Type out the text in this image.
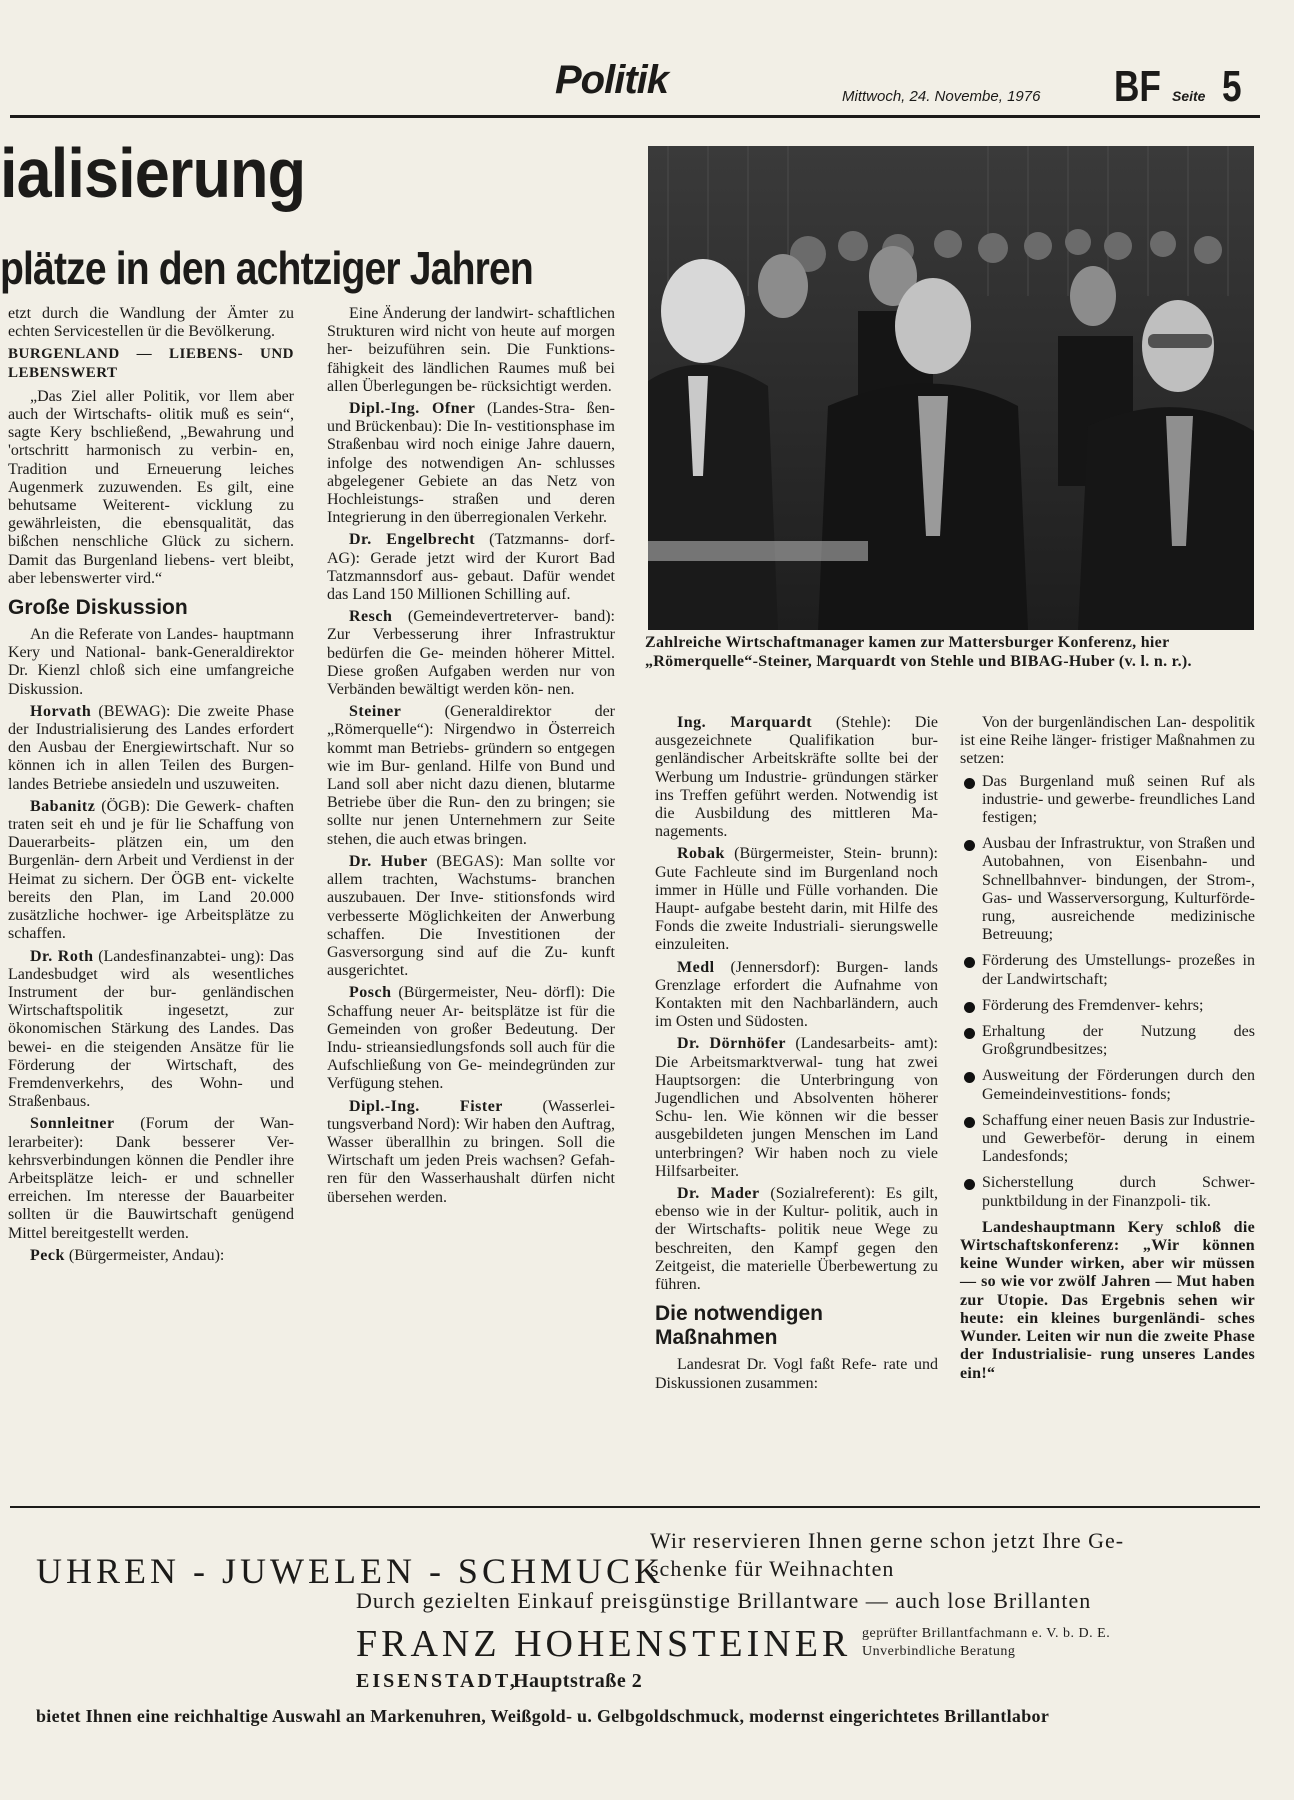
Politik	Mittwoch, 24. Novembe, 1976 BF Seite 5
ialisierung
plätze in den achtziger Jahren

etzt durch die Wandlung der Ämter zu echten Servicestellen ür die Bevölkerung.

BURGENLAND — LIEBENS- UND LEBENSWERT

„Das Ziel aller Politik, vor llem aber auch der Wirtschafts- olitik muß es sein“, sagte Kery bschließend, „Bewahrung und 'ortschritt harmonisch zu verbin- en, Tradition und Erneuerung leiches Augenmerk zuzuwenden. Es gilt, eine behutsame Weiterent- vicklung zu gewährleisten, die ebensqualität, das bißchen nenschliche Glück zu sichern. Damit das Burgenland liebens- vert bleibt, aber lebenswerter vird.“

Große Diskussion

An die Referate von Landes- hauptmann Kery und National- bank-Generaldirektor Dr. Kienzl chloß sich eine umfangreiche Diskussion.

Horvath (BEWAG): Die zweite Phase der Industrialisierung des Landes erfordert den Ausbau der Energiewirtschaft. Nur so können ich in allen Teilen des Burgen- landes Betriebe ansiedeln und uszuweiten.

Babanitz (ÖGB): Die Gewerk- chaften traten seit eh und je für lie Schaffung von Dauerarbeits- plätzen ein, um den Burgenlän- dern Arbeit und Verdienst in der Heimat zu sichern. Der ÖGB ent- vickelte bereits den Plan, im Land 20.000 zusätzliche hochwer- ige Arbeitsplätze zu schaffen.

Dr. Roth (Landesfinanzabtei- ung): Das Landesbudget wird als wesentliches Instrument der bur- genländischen Wirtschaftspolitik ingesetzt, zur ökonomischen Stärkung des Landes. Das bewei- en die steigenden Ansätze für lie Förderung der Wirtschaft, des Fremdenverkehrs, des Wohn- und Straßenbaus.

Sonnleitner (Forum der Wan- lerarbeiter): Dank besserer Ver- kehrsverbindungen können die Pendler ihre Arbeitsplätze leich- er und schneller erreichen. Im nteresse der Bauarbeiter sollten ür die Bauwirtschaft genügend Mittel bereitgestellt werden.

Peck (Bürgermeister, Andau):

Eine Änderung der landwirt- schaftlichen Strukturen wird nicht von heute auf morgen her- beizuführen sein. Die Funktions- fähigkeit des ländlichen Raumes muß bei allen Überlegungen be- rücksichtigt werden.

Dipl.-Ing. Ofner (Landes-Stra- ßen- und Brückenbau): Die In- vestitionsphase im Straßenbau wird noch einige Jahre dauern, infolge des notwendigen An- schlusses abgelegener Gebiete an das Netz von Hochleistungs- straßen und deren Integrierung in den überregionalen Verkehr.

Dr. Engelbrecht (Tatzmanns- dorf-AG): Gerade jetzt wird der Kurort Bad Tatzmannsdorf aus- gebaut. Dafür wendet das Land 150 Millionen Schilling auf.

Resch (Gemeindevertreterver- band): Zur Verbesserung ihrer Infrastruktur bedürfen die Ge- meinden höherer Mittel. Diese großen Aufgaben werden nur von Verbänden bewältigt werden kön- nen.

Steiner (Generaldirektor der „Römerquelle“): Nirgendwo in Österreich kommt man Betriebs- gründern so entgegen wie im Bur- genland. Hilfe von Bund und Land soll aber nicht dazu dienen, blutarme Betriebe über die Run- den zu bringen; sie sollte nur jenen Unternehmern zur Seite stehen, die auch etwas bringen.

Dr. Huber (BEGAS): Man sollte vor allem trachten, Wachstums- branchen auszubauen. Der Inve- stitionsfonds wird verbesserte Möglichkeiten der Anwerbung schaffen. Die Investitionen der Gasversorgung sind auf die Zu- kunft ausgerichtet.

Posch (Bürgermeister, Neu- dörfl): Die Schaffung neuer Ar- beitsplätze ist für die Gemeinden von großer Bedeutung. Der Indu- strieansiedlungsfonds soll auch für die Aufschließung von Ge- meindegründen zur Verfügung stehen.

Dipl.-Ing. Fister (Wasserlei- tungsverband Nord): Wir haben den Auftrag, Wasser überallhin zu bringen. Soll die Wirtschaft um jeden Preis wachsen? Gefah- ren für den Wasserhaushalt dürfen nicht übersehen werden.

Zahlreiche Wirtschaftmanager kamen zur Mattersburger Konferenz, hier „Römerquelle“-Steiner, Marquardt von Stehle und BIBAG-Huber (v. l. n. r.).

Ing. Marquardt (Stehle): Die ausgezeichnete Qualifikation bur- genländischer Arbeitskräfte sollte bei der Werbung um Industrie- gründungen stärker ins Treffen geführt werden. Notwendig ist die Ausbildung des mittleren Ma- nagements.

Robak (Bürgermeister, Stein- brunn): Gute Fachleute sind im Burgenland noch immer in Hülle und Fülle vorhanden. Die Haupt- aufgabe besteht darin, mit Hilfe des Fonds die zweite Industriali- sierungswelle einzuleiten.

Medl (Jennersdorf): Burgen- lands Grenzlage erfordert die Aufnahme von Kontakten mit den Nachbarländern, auch im Osten und Südosten.

Dr. Dörnhöfer (Landesarbeits- amt): Die Arbeitsmarktverwal- tung hat zwei Hauptsorgen: die Unterbringung von Jugendlichen und Absolventen höherer Schu- len. Wie können wir die besser ausgebildeten jungen Menschen im Land unterbringen? Wir haben noch zu viele Hilfsarbeiter.

Dr. Mader (Sozialreferent): Es gilt, ebenso wie in der Kultur- politik, auch in der Wirtschafts- politik neue Wege zu beschreiten, den Kampf gegen den Zeitgeist, die materielle Überbewertung zu führen.

Die notwendigen Maßnahmen

Landesrat Dr. Vogl faßt Refe- rate und Diskussionen zusammen:

Von der burgenländischen Lan- despolitik ist eine Reihe länger- fristiger Maßnahmen zu setzen:

Das Burgenland muß seinen Ruf als industrie- und gewerbe- freundliches Land festigen;

Ausbau der Infrastruktur, von Straßen und Autobahnen, von Eisenbahn- und Schnellbahnver- bindungen, der Strom-, Gas- und Wasserversorgung, Kulturförde- rung, ausreichende medizinische Betreuung;

Förderung des Umstellungs- prozeßes in der Landwirtschaft;

Förderung des Fremdenver- kehrs;

Erhaltung der Nutzung des Großgrundbesitzes;

Ausweitung der Förderungen durch den Gemeindeinvestitions- fonds;

Schaffung einer neuen Basis zur Industrie- und Gewerbeför- derung in einem Landesfonds;

Sicherstellung durch Schwer- punktbildung in der Finanzpoli- tik.

Landeshauptmann Kery schloß die Wirtschaftskonferenz: „Wir können keine Wunder wirken, aber wir müssen — so wie vor zwölf Jahren — Mut haben zur Utopie. Das Ergebnis sehen wir heute: ein kleines burgenländi- sches Wunder. Leiten wir nun die zweite Phase der Industrialisie- rung unseres Landes ein!“

UHREN - JUWELEN - SCHMUCK
Wir reservieren Ihnen gerne schon jetzt Ihre Ge-
schenke für Weihnachten
Durch gezielten Einkauf preisgünstige Brillantware — auch lose Brillanten
FRANZ HOHENSTEINER geprüfter Brillantfachmann e. V. b. D. E.
Unverbindliche Beratung
EISENSTADT,
Hauptstraße 2
bietet Ihnen eine reichhaltige Auswahl an Markenuhren, Weißgold- u. Gelbgoldschmuck, modernst eingerichtetes Brillantlabor
